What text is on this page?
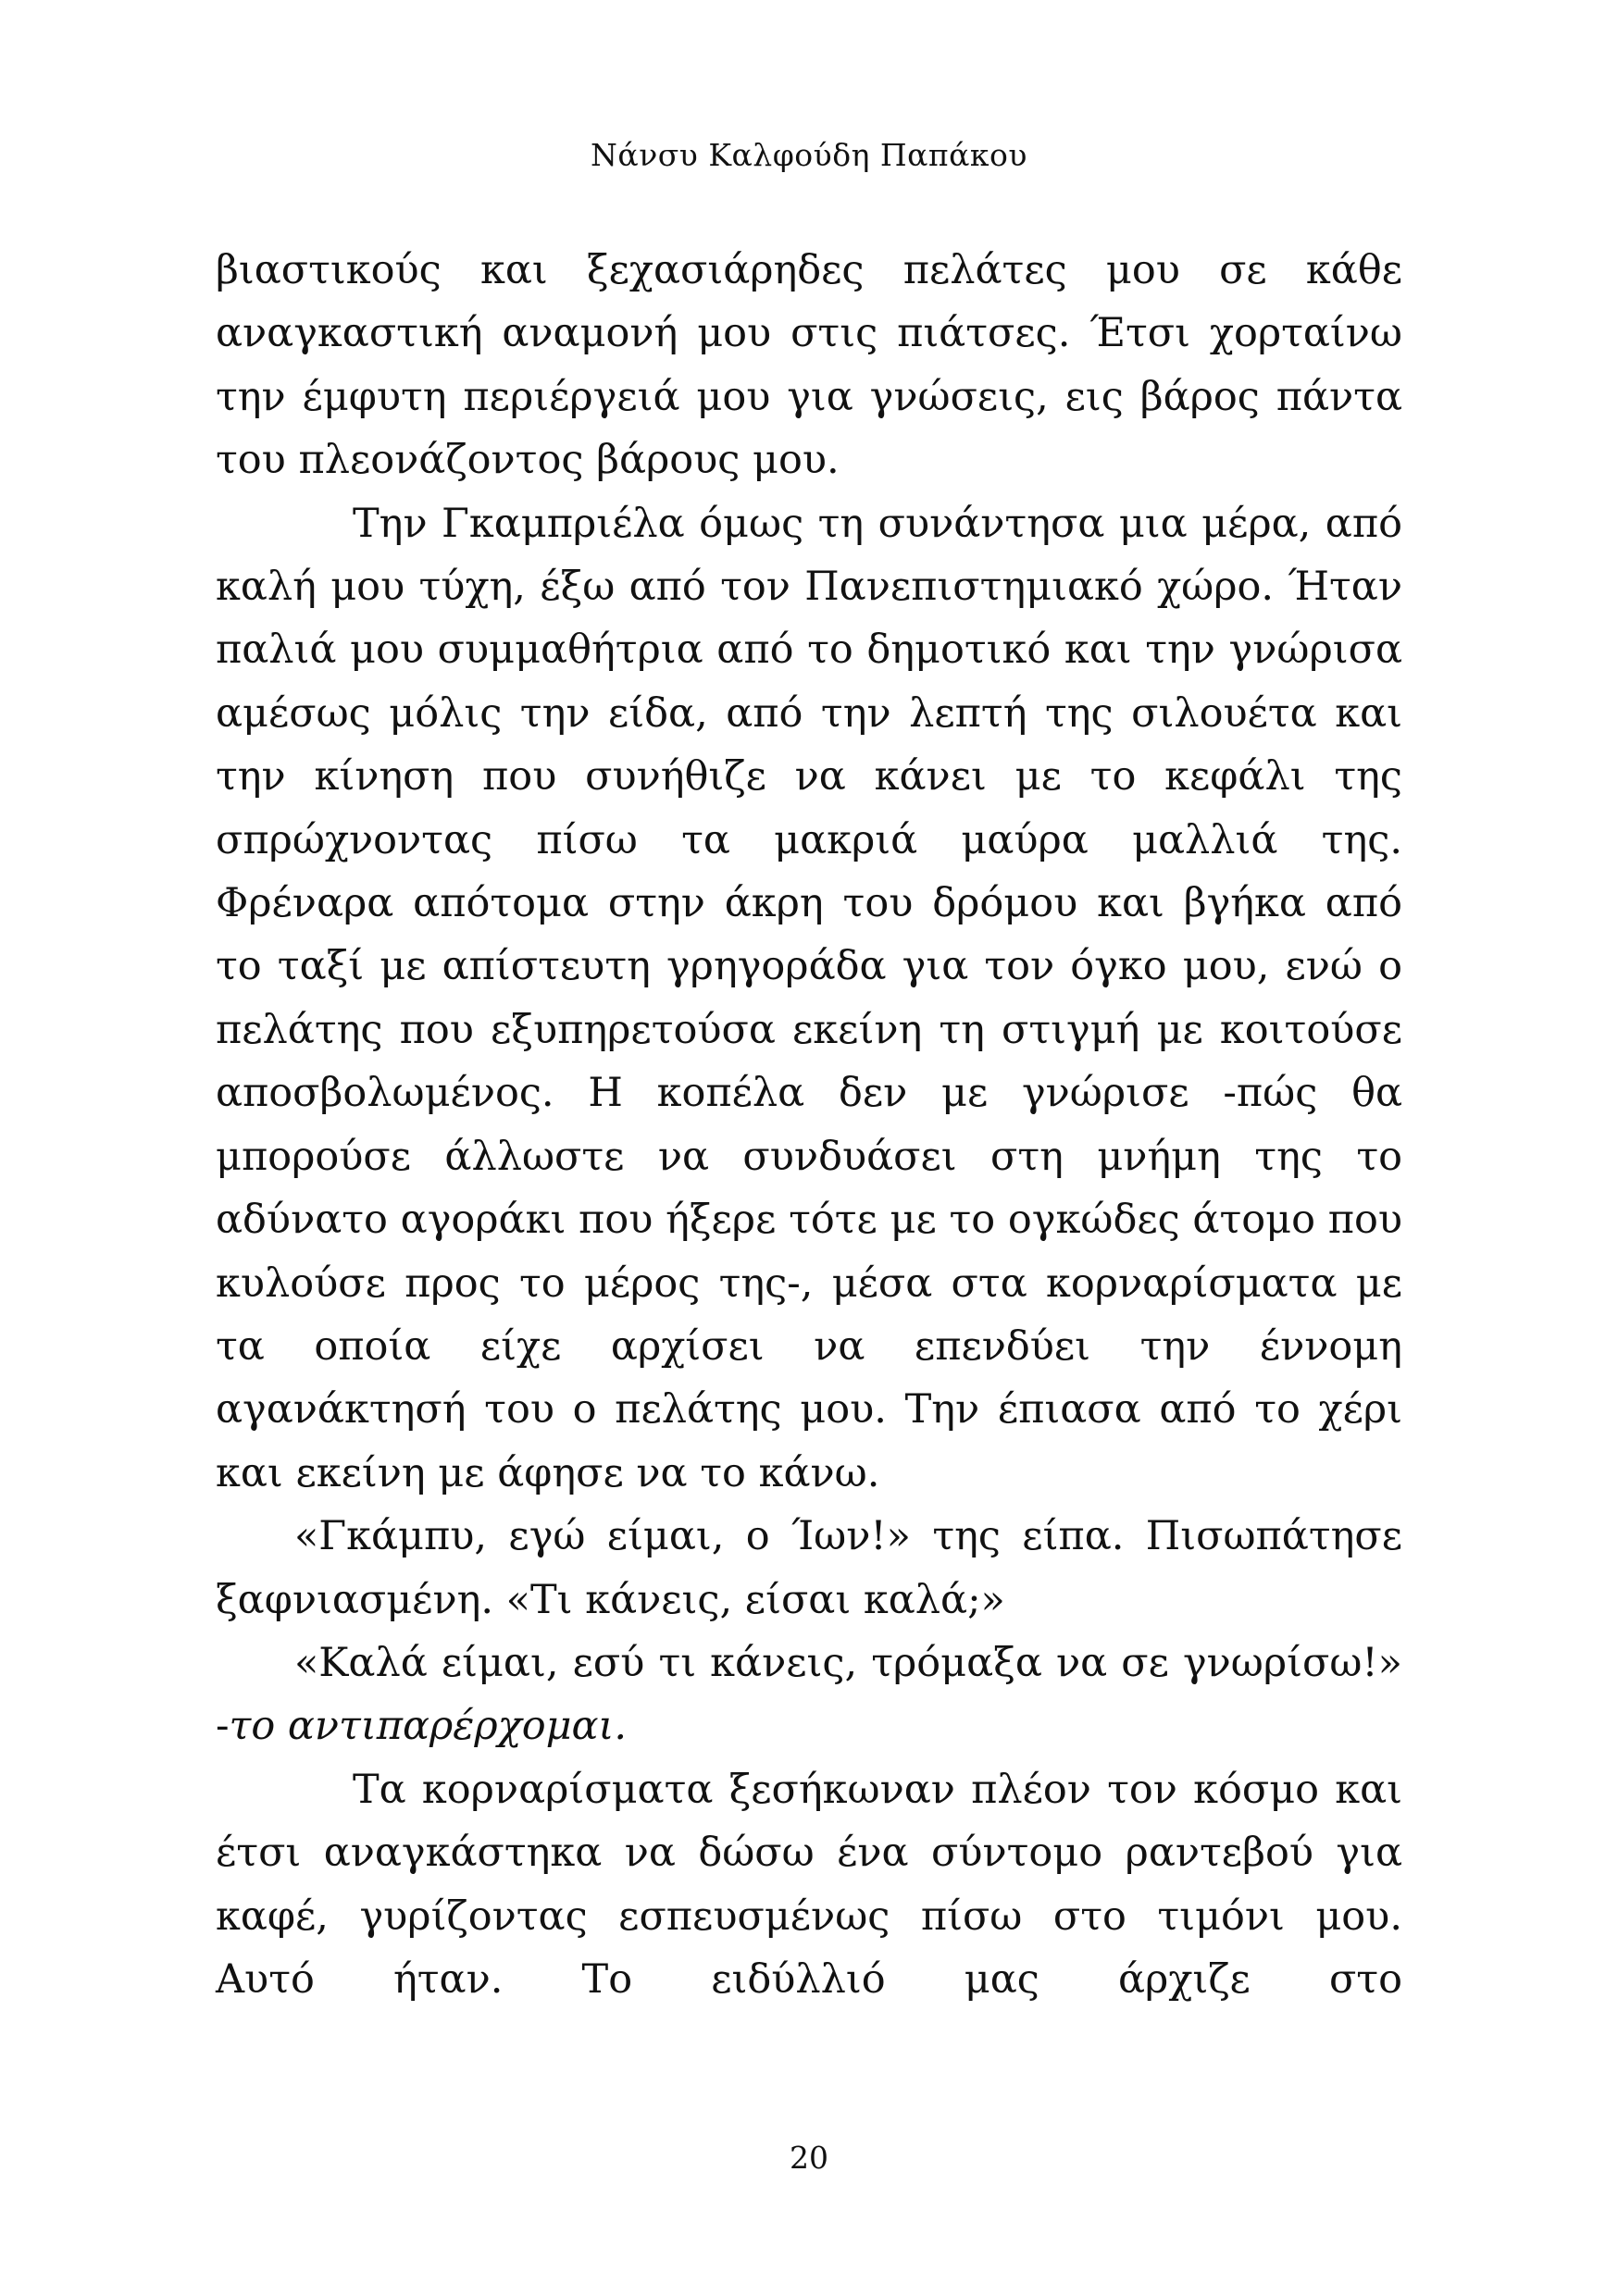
Νάνσυ Καλφούδη Παπάκου

βιαστικούς και ξεχασιάρηδες πελάτες μου σε κάθε αναγκαστική αναμονή μου στις πιάτσες. Έτσι χορταίνω την έμφυτη περιέργειά μου για γνώσεις, εις βάρος πάντα του πλεονάζοντος βάρους μου.

Την Γκαμπριέλα όμως τη συνάντησα μια μέρα, από καλή μου τύχη, έξω από τον Πανεπιστημιακό χώρο. Ήταν παλιά μου συμμαθήτρια από το δημοτικό και την γνώρισα αμέσως μόλις την είδα, από την λεπτή της σιλουέτα και την κίνηση που συνήθιζε να κάνει με το κεφάλι της σπρώχνοντας πίσω τα μακριά μαύρα μαλλιά της. Φρέναρα απότομα στην άκρη του δρόμου και βγήκα από το ταξί με απίστευτη γρηγοράδα για τον όγκο μου, ενώ ο πελάτης που εξυπηρετούσα εκείνη τη στιγμή με κοιτούσε αποσβολωμένος. Η κοπέλα δεν με γνώρισε -πώς θα μπορούσε άλλωστε να συνδυάσει στη μνήμη της το αδύνατο αγοράκι που ήξερε τότε με το ογκώδες άτομο που κυλούσε προς το μέρος της-, μέσα στα κορναρίσματα με τα οποία είχε αρχίσει να επενδύει την έννομη αγανάκτησή του ο πελάτης μου. Την έπιασα από το χέρι και εκείνη με άφησε να το κάνω.

«Γκάμπυ, εγώ είμαι, ο Ίων!» της είπα. Πισωπάτησε ξαφνιασμένη. «Τι κάνεις, είσαι καλά;»

«Καλά είμαι, εσύ τι κάνεις, τρόμαξα να σε γνωρίσω!» -το αντιπαρέρχομαι.

Τα κορναρίσματα ξεσήκωναν πλέον τον κόσμο και έτσι αναγκάστηκα να δώσω ένα σύντομο ραντεβού για καφέ, γυρίζοντας εσπευσμένως πίσω στο τιμόνι μου. Αυτό ήταν. Το ειδύλλιό μας άρχιζε στο

20
